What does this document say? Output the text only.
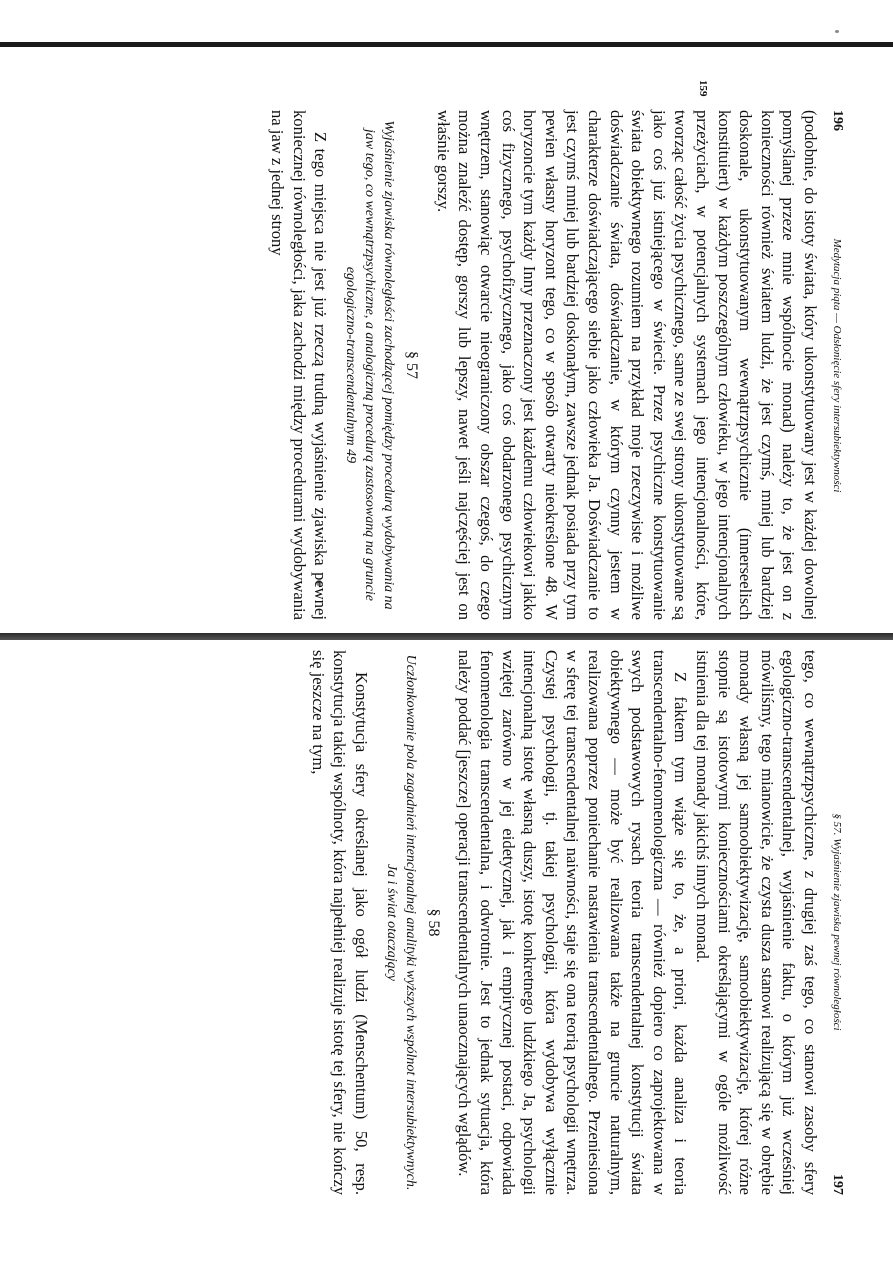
196
Medytacja piąta — Odsłonięcie sfery intersubiektywności
159

(podobnie, do istoty świata, który ukonstytuowany jest w każdej dowolnej pomyślanej przeze mnie wspólnocie monad) należy to, że jest on z konieczności również światem ludzi, że jest czymś, mniej lub bardziej doskonale, ukonstytuowanym wewnątrzpsychicznie (innerseelisch konstituiert) w każdym poszczególnym człowieku, w jego intencjonalnych przeżyciach, w potencjalnych systemach jego intencjonalności, które, tworząc całość życia psychicznego, same ze swej strony ukonstytuowane są jako coś już istniejącego w świecie. Przez psychiczne konstytuowanie świata obiektywnego rozumiem na przykład moje rzeczywiste i możliwe doświadczanie świata, doświadczanie, w którym czynny jestem w charakterze doświadczającego siebie jako człowieka Ja. Doświadczanie to jest czymś mniej lub bardziej doskonałym, zawsze jednak posiada przy tym pewien własny horyzont tego, co w sposób otwarty nieokreślone 48. W horyzoncie tym każdy Inny przeznaczony jest każdemu człowiekowi jakko coś fizycznego, psychofizycznego, jako coś obdarzonego psychicznym wnętrzem, stanowiąc otwarcie nieograniczony obszar czegoś, do czego można znaleźć dostęp, gorszy lub lepszy, nawet jeśli najczęściej jest on właśnie gorszy.

§ 57
Wyjaśnienie zjawiska równoległości zachodzącej pomiędzy procedurą wydobywania na jaw tego, co wewnątrzpsychiczne, a analogiczną procedurą zastosowaną na gruncie egologiczno-transcendentalnym 49

Z tego miejsca nie jest już rzeczą trudną wyjaśnienie zjawiska pewnej koniecznej równoległości, jaka zachodzi między procedurami wydobywania na jaw z jednej strony

§ 57. Wyjaśnienie zjawiska pewnej równoległości
197

tego, co wewnątrzpsychiczne, z drugiej zaś tego, co stanowi zasoby sfery egologiczno-transcendentalnej, wyjaśnienie faktu, o którym już wcześniej mówiliśmy, tego mianowicie, że czysta dusza stanowi realizującą się w obrębie monady własną jej samoobiektywizację, samoobiektywizację, której różne stopnie są istotowymi koniecznościami określającymi w ogóle możliwość istnienia dla tej monady jakichś innych monad.

Z faktem tym wiąże się to, że, a priori, każda analiza i teoria transcendentalno-fenomenologiczna — również dopiero co zaprojektowana w swych podstawowych rysach teoria transcendentalnej konstytucji świata obiektywnego — może być realizowana także na gruncie naturalnym, realizowana poprzez poniechanie nastawienia transcendentalnego. Przeniesiona w sferę tej transcendentalnej naiwności, staje się ona teorią psychologii wnętrza. Czystej psychologii, tj. takiej psychologii, która wydobywa wyłącznie intencjonalną istotę własną duszy, istotę konkretnego ludzkiego Ja, psychologii wziętej zarówno w jej eidetycznej, jak i empirycznej postaci, odpowiada fenomenologia transcendentalna, i odwrotnie. Jest to jednak sytuacja, która należy poddać [jeszcze] operacji transcendentalnych unaocznających wglądów.

§ 58
Uczłonkowanie pola zagadnień intencjonalnej analityki wyższych wspólnot intersubiektywnych. Ja i świat otaczający

Konstytucja sfery określanej jako ogół ludzi (Menschentum) 50, resp. konstytucja takiej wspólnoty, która najpełniej realizuje istotę tej sfery, nie kończy się jeszcze na tym,
